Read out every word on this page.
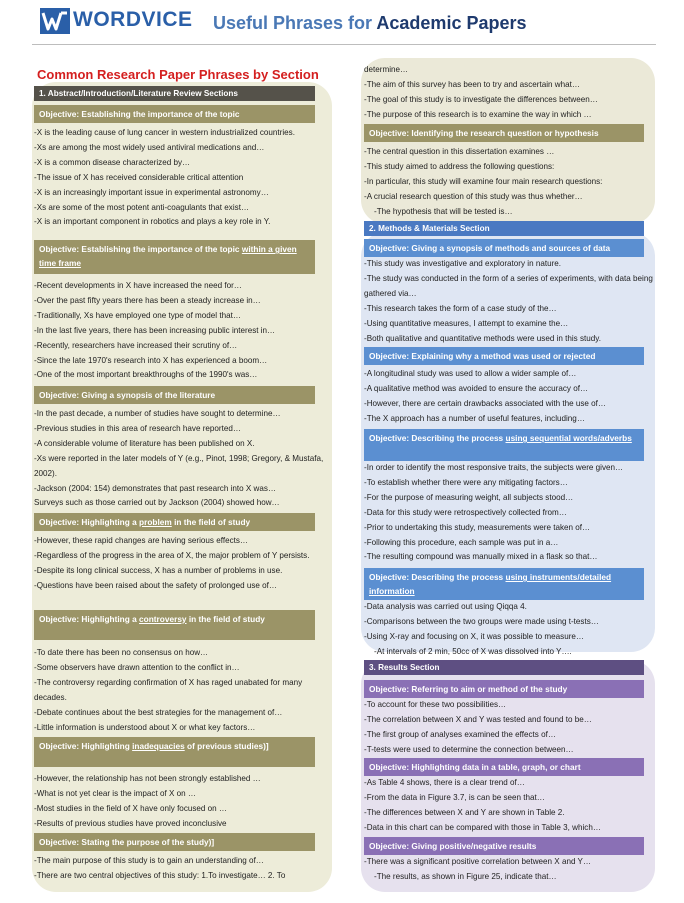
WORDVICE Useful Phrases for Academic Papers
Common Research Paper Phrases by Section
1. Abstract/Introduction/Literature Review Sections
Objective: Establishing the importance of the topic
-X is the leading cause of lung cancer in western industrialized countries.
-Xs are among the most widely used antiviral medications and…
-X is a common disease characterized by…
-The issue of X has received considerable critical attention
-X is an increasingly important issue in experimental astronomy…
-Xs are some of the most potent anti-coagulants that exist…
-X is an important component in robotics and plays a key role in Y.
Objective: Establishing the importance of the topic within a given time frame
-Recent developments in X have increased the need for…
-Over the past fifty years there has been a steady increase in…
-Traditionally, Xs have employed one type of model that…
-In the last five years, there has been increasing public interest in…
-Recently, researchers have increased their scrutiny of…
-Since the late 1970's research into X has experienced a boom…
-One of the most important breakthroughs of the 1990's was…
Objective: Giving a synopsis of the literature
-In the past decade, a number of studies have sought to determine…
-Previous studies in this area of research have reported…
-A considerable volume of literature has been published on X.
-Xs were reported in the later models of Y (e.g., Pinot, 1998; Gregory, & Mustafa, 2002).
-Jackson (2004: 154) demonstrates that past research into X was…
Surveys such as those carried out by Jackson (2004) showed how…
Objective: Highlighting a problem in the field of study
-However, these rapid changes are having serious effects…
-Regardless of the progress in the area of X, the major problem of Y persists.
-Despite its long clinical success, X has a number of problems in use.
-Questions have been raised about the safety of prolonged use of…
Objective: Highlighting a controversy in the field of study
-To date there has been no consensus on how…
-Some observers have drawn attention to the conflict in…
-The controversy regarding confirmation of X has raged unabated for many decades.
-Debate continues about the best strategies for the management of…
-Little information is understood about X or what key factors…
Objective: Highlighting inadequacies of previous studies)]
-However, the relationship has not been strongly established …
-What is not yet clear is the impact of X on …
-Most studies in the field of X have only focused on …
-Results of previous studies have proved inconclusive
Objective: Stating the purpose of the study)]
-The main purpose of this study is to gain an understanding of…
-There are two central objectives of this study: 1.To investigate… 2. To
determine…
-The aim of this survey has been to try and ascertain what…
-The goal of this study is to investigate the differences between…
-The purpose of this research is to examine the way in which …
Objective: Identifying the research question or hypothesis
-The central question in this dissertation examines …
-This study aimed to address the following questions:
-In particular, this study will examine four main research questions:
-A crucial research question of this study was thus whether…
-The hypothesis that will be tested is…
2. Methods & Materials Section
Objective: Giving a synopsis of methods and sources of data
-This study was investigative and exploratory in nature.
-The study was conducted in the form of a series of experiments, with data being gathered via…
-This research takes the form of a case study of the…
-Using quantitative measures, I attempt to examine the…
-Both qualitative and quantitative methods were used in this study.
Objective: Explaining why a method was used or rejected
-A longitudinal study was used to allow a wider sample of…
-A qualitative method was avoided to ensure the accuracy of…
-However, there are certain drawbacks associated with the use of…
-The X approach has a number of useful features, including…
Objective: Describing the process using sequential words/adverbs
-In order to identify the most responsive traits, the subjects were given…
-To establish whether there were any mitigating factors…
-For the purpose of measuring weight, all subjects stood…
-Data for this study were retrospectively collected from…
-Prior to undertaking this study, measurements were taken of…
-Following this procedure, each sample was put in a…
-The resulting compound was manually mixed in a flask so that…
Objective: Describing the process using instruments/detailed information
-Data analysis was carried out using Qiqqa 4.
-Comparisons between the two groups were made using t-tests…
-Using X-ray and focusing on X, it was possible to measure…
-At intervals of 2 min, 50cc of X was dissolved into Y….
3. Results Section
Objective: Referring to aim or method of the study
-To account for these two possibilities…
-The correlation between X and Y was tested and found to be…
-The first group of analyses examined the effects of…
-T-tests were used to determine the connection between…
Objective: Highlighting data in a table, graph, or chart
-As Table 4 shows, there is a clear trend of…
-From the data in Figure 3.7, is can be seen that…
-The differences between X and Y are shown in Table 2.
-Data in this chart can be compared with those in Table 3, which…
Objective: Giving positive/negative results
-There was a significant positive correlation between X and Y…
-The results, as shown in Figure 25, indicate that…
